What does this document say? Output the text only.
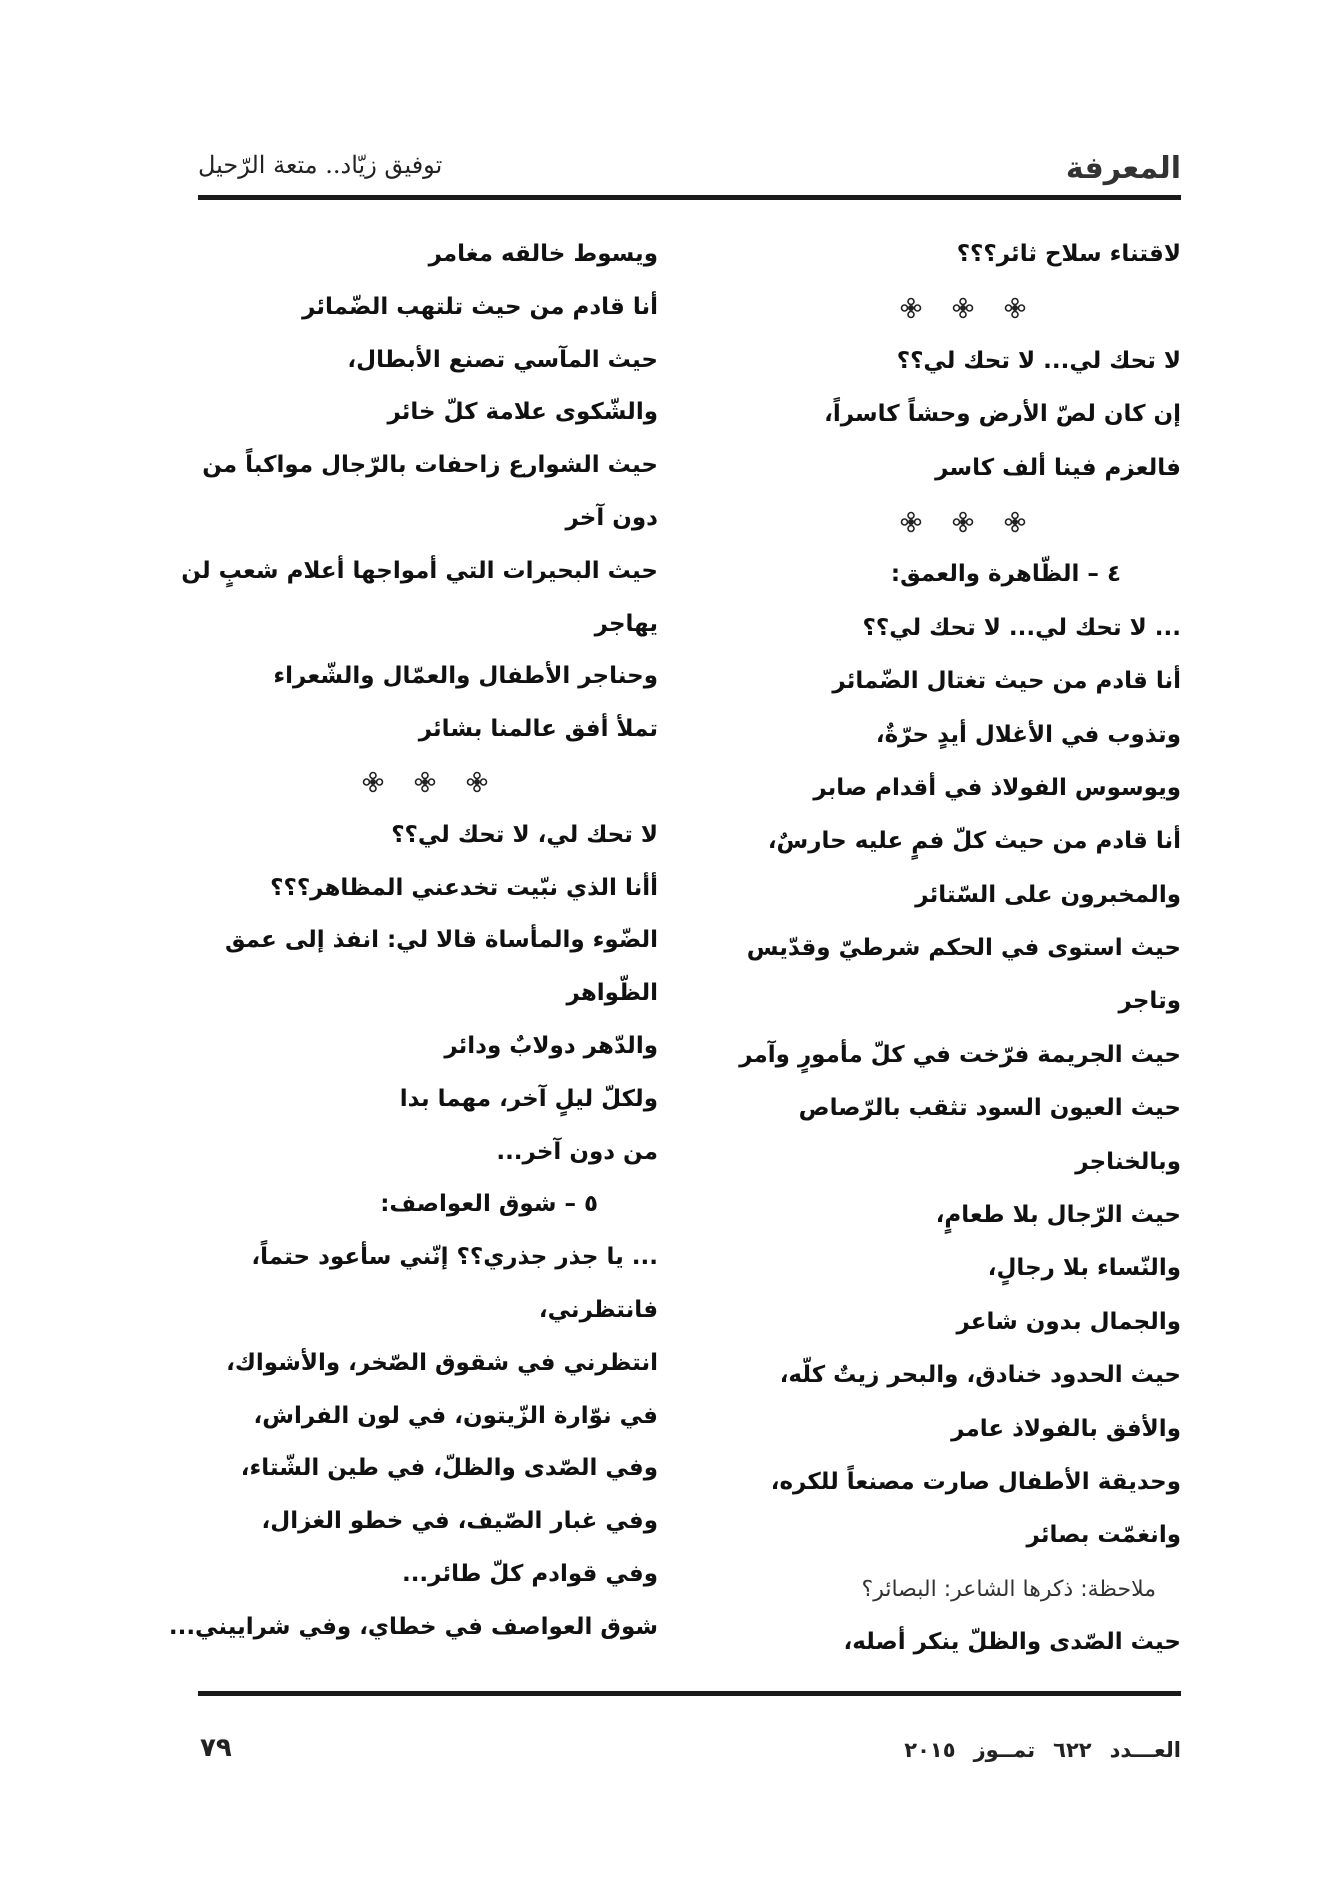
المعرفة
توفيق زيّاد.. متعة الرّحيل
لاقتناء سلاح ثائر؟؟؟
لا تحك لي... لا تحك لي؟؟
إن كان لصّ الأرض وحشاً كاسراً،
فالعزم فينا ألف كاسر
٤ – الظّاهرة والعمق:
... لا تحك لي... لا تحك لي؟؟
أنا قادم من حيث تغتال الضّمائر
وتذوب في الأغلال أيدٍ حرّةٌ،
ويوسوس الفولاذ في أقدام صابر
أنا قادم من حيث كلّ فمٍ عليه حارسٌ،
والمخبرون على السّتائر
حيث استوى في الحكم شرطيّ وقدّيس
وتاجر
حيث الجريمة فرّخت في كلّ مأمورٍ وآمر
حيث العيون السود تثقب بالرّصاص
وبالخناجر
حيث الرّجال بلا طعامٍ،
والنّساء بلا رجالٍ،
والجمال بدون شاعر
حيث الحدود خنادق، والبحر زيتٌ كلّه،
والأفق بالفولاذ عامر
وحديقة الأطفال صارت مصنعاً للكره،
وانغمّت بصائر
ملاحظة: ذكرها الشاعر: البصائر؟
حيث الصّدى والظلّ ينكر أصله،
ويسوط خالقه مغامر
أنا قادم من حيث تلتهب الضّمائر
حيث المآسي تصنع الأبطال،
والشّكوى علامة كلّ خائر
حيث الشوارع زاحفات بالرّجال مواكباً من
دون آخر
حيث البحيرات التي أمواجها أعلام شعبٍ لن
يهاجر
وحناجر الأطفال والعمّال والشّعراء
تملأ أفق عالمنا بشائر
لا تحك لي، لا تحك لي؟؟
أأنا الذي نبّيت تخدعني المظاهر؟؟؟
الضّوء والمأساة قالا لي: انفذ إلى عمق
الظّواهر
والدّهر دولابٌ ودائر
ولكلّ ليلٍ آخر، مهما بدا
من دون آخر...
٥ – شوق العواصف:
... يا جذر جذري؟؟ إنّني سأعود حتماً،
فانتظرني،
انتظرني في شقوق الصّخر، والأشواك،
في نوّارة الزّيتون، في لون الفراش،
وفي الصّدى والظلّ، في طين الشّتاء،
وفي غبار الصّيف، في خطو الغزال،
وفي قوادم كلّ طائر...
شوق العواصف في خطاي، وفي شراييني...
العـــدد٦٢٢تمــوز٢٠١٥
٧٩
